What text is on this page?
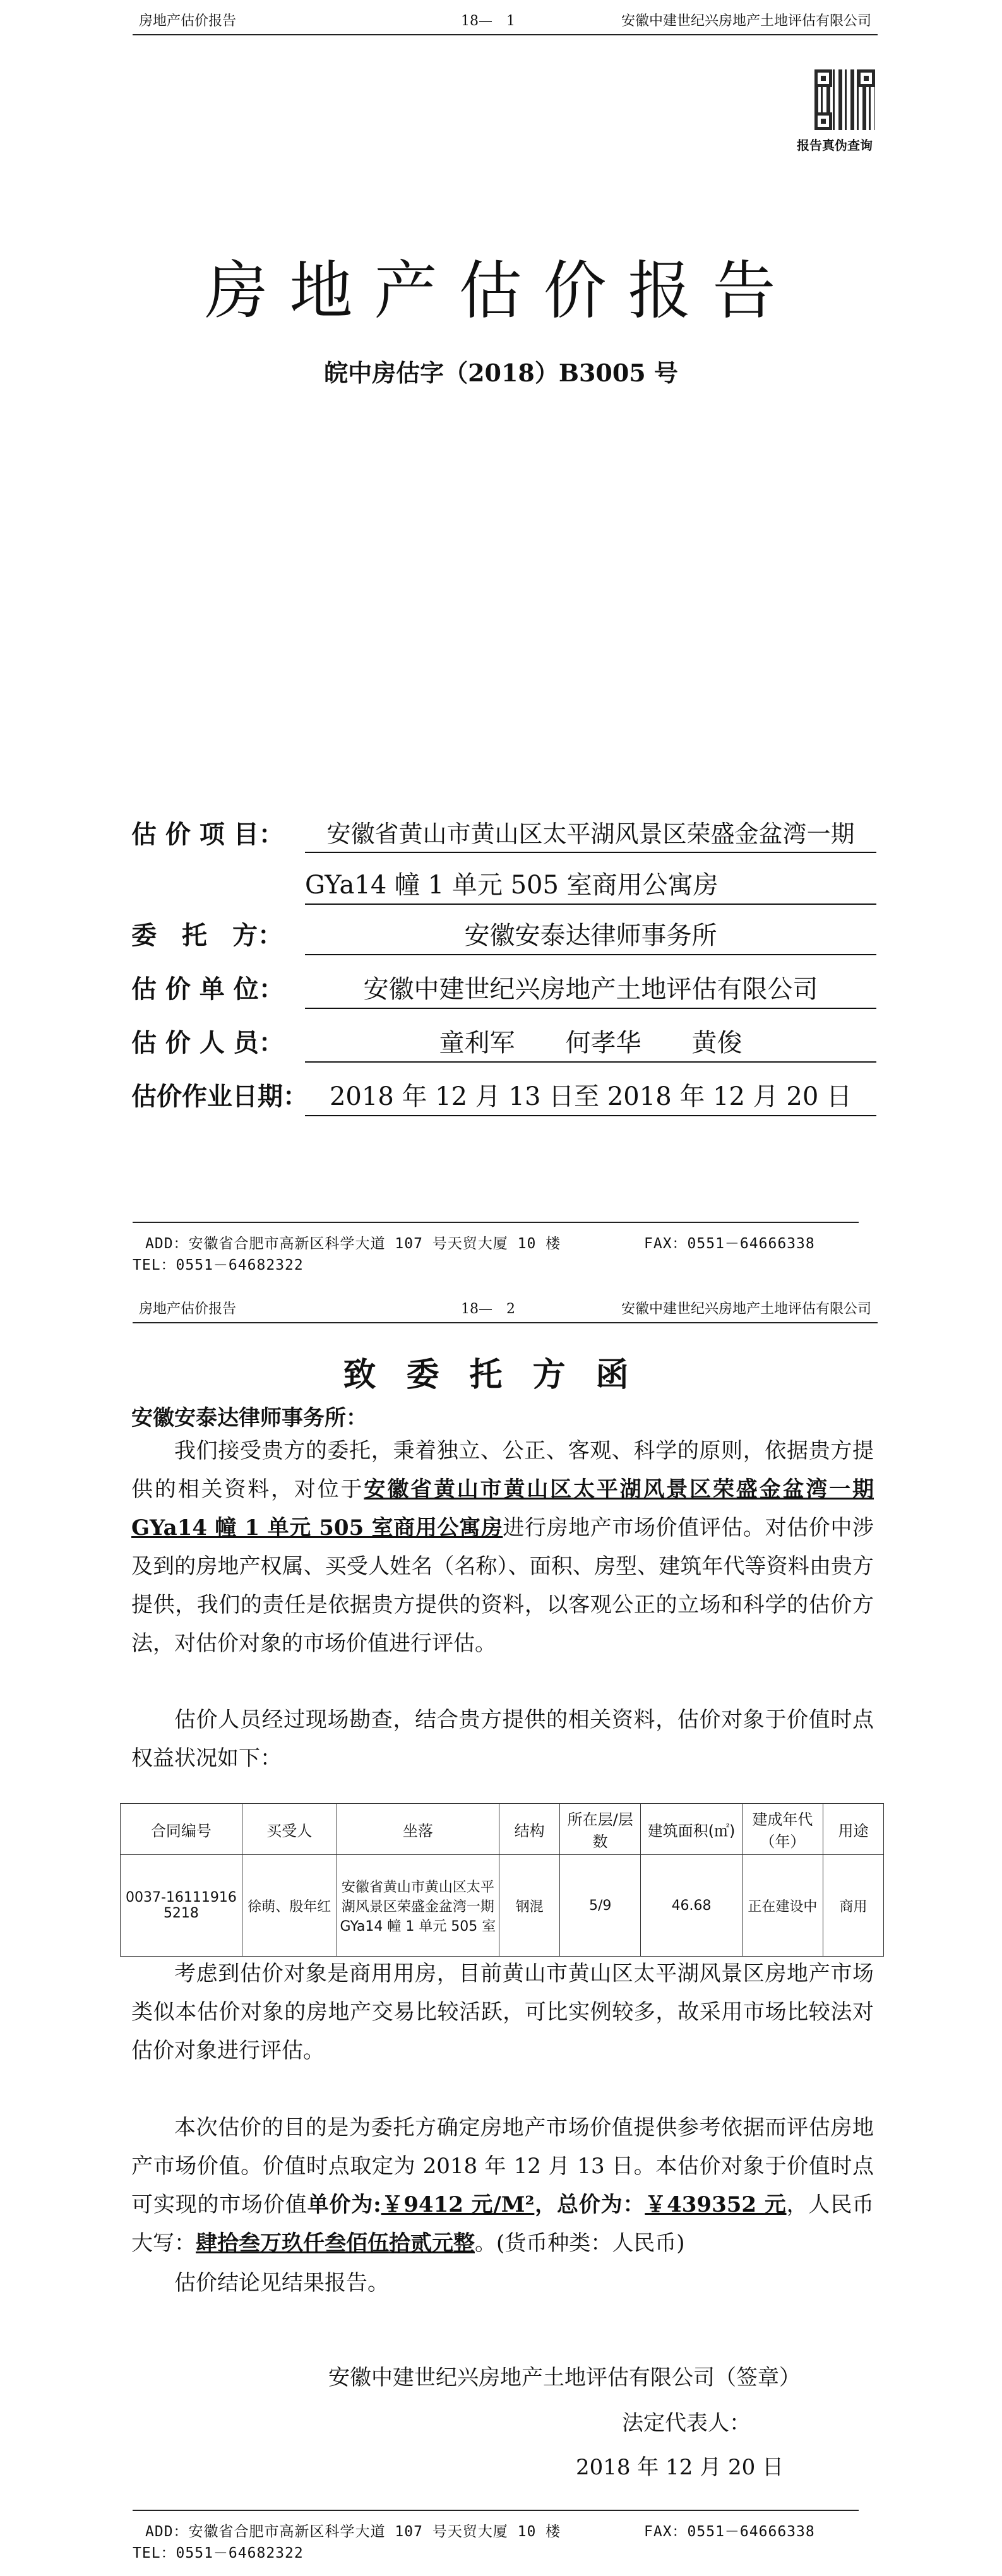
房地产估价报告	18—　1	安徽中建世纪兴房地产土地评估有限公司
报告真伪查询
房地产估价报告
皖中房估字（2018）B3005 号
估 价 项 目：	安徽省黄山市黄山区太平湖风景区荣盛金盆湾一期
GYa14 幢 1 单元 505 室商用公寓房
委　托　方：	安徽安泰达律师事务所
估 价 单 位：	安徽中建世纪兴房地产土地评估有限公司
估 价 人 员：	童利军　　何孝华　　黄俊
估价作业日期： 2018 年 12 月 13 日至 2018 年 12 月 20 日
ADD：安徽省合肥市高新区科学大道 107 号天贸大厦 10 楼	FAX：0551－64666338
TEL：0551－64682322
房地产估价报告	18—　2	安徽中建世纪兴房地产土地评估有限公司
致委托方函
安徽安泰达律师事务所：

我们接受贵方的委托，秉着独立、公正、客观、科学的原则，依据贵方提供的相关资料，对位于安徽省黄山市黄山区太平湖风景区荣盛金盆湾一期 GYa14 幢 1 单元 505 室商用公寓房进行房地产市场价值评估。对估价中涉及到的房地产权属、买受人姓名（名称）、面积、房型、建筑年代等资料由贵方提供，我们的责任是依据贵方提供的资料，以客观公正的立场和科学的估价方法，对估价对象的市场价值进行评估。

估价人员经过现场勘查，结合贵方提供的相关资料，估价对象于价值时点权益状况如下：

合同编号	买受人	坐落	结构	所在层/层数	建筑面积(㎡)	建成年代（年）	用途
0037-161119165218	徐萌、殷年红	安徽省黄山市黄山区太平湖风景区荣盛金盆湾一期 GYa14 幢 1 单元 505 室	钢混	5/9	46.68	正在建设中	商用

考虑到估价对象是商用用房，目前黄山市黄山区太平湖风景区房地产市场类似本估价对象的房地产交易比较活跃，可比实例较多，故采用市场比较法对估价对象进行评估。

本次估价的目的是为委托方确定房地产市场价值提供参考依据而评估房地产市场价值。价值时点取定为 2018 年 12 月 13 日。本估价对象于价值时点可实现的市场价值单价为:￥9412 元/M²，总价为：￥439352 元，人民币大写：肆拾叁万玖仟叁佰伍拾贰元整。(货币种类：人民币)

估价结论见结果报告。

安徽中建世纪兴房地产土地评估有限公司（签章）
法定代表人：
2018 年 12 月 20 日
ADD：安徽省合肥市高新区科学大道 107 号天贸大厦 10 楼	FAX：0551－64666338
TEL：0551－64682322
